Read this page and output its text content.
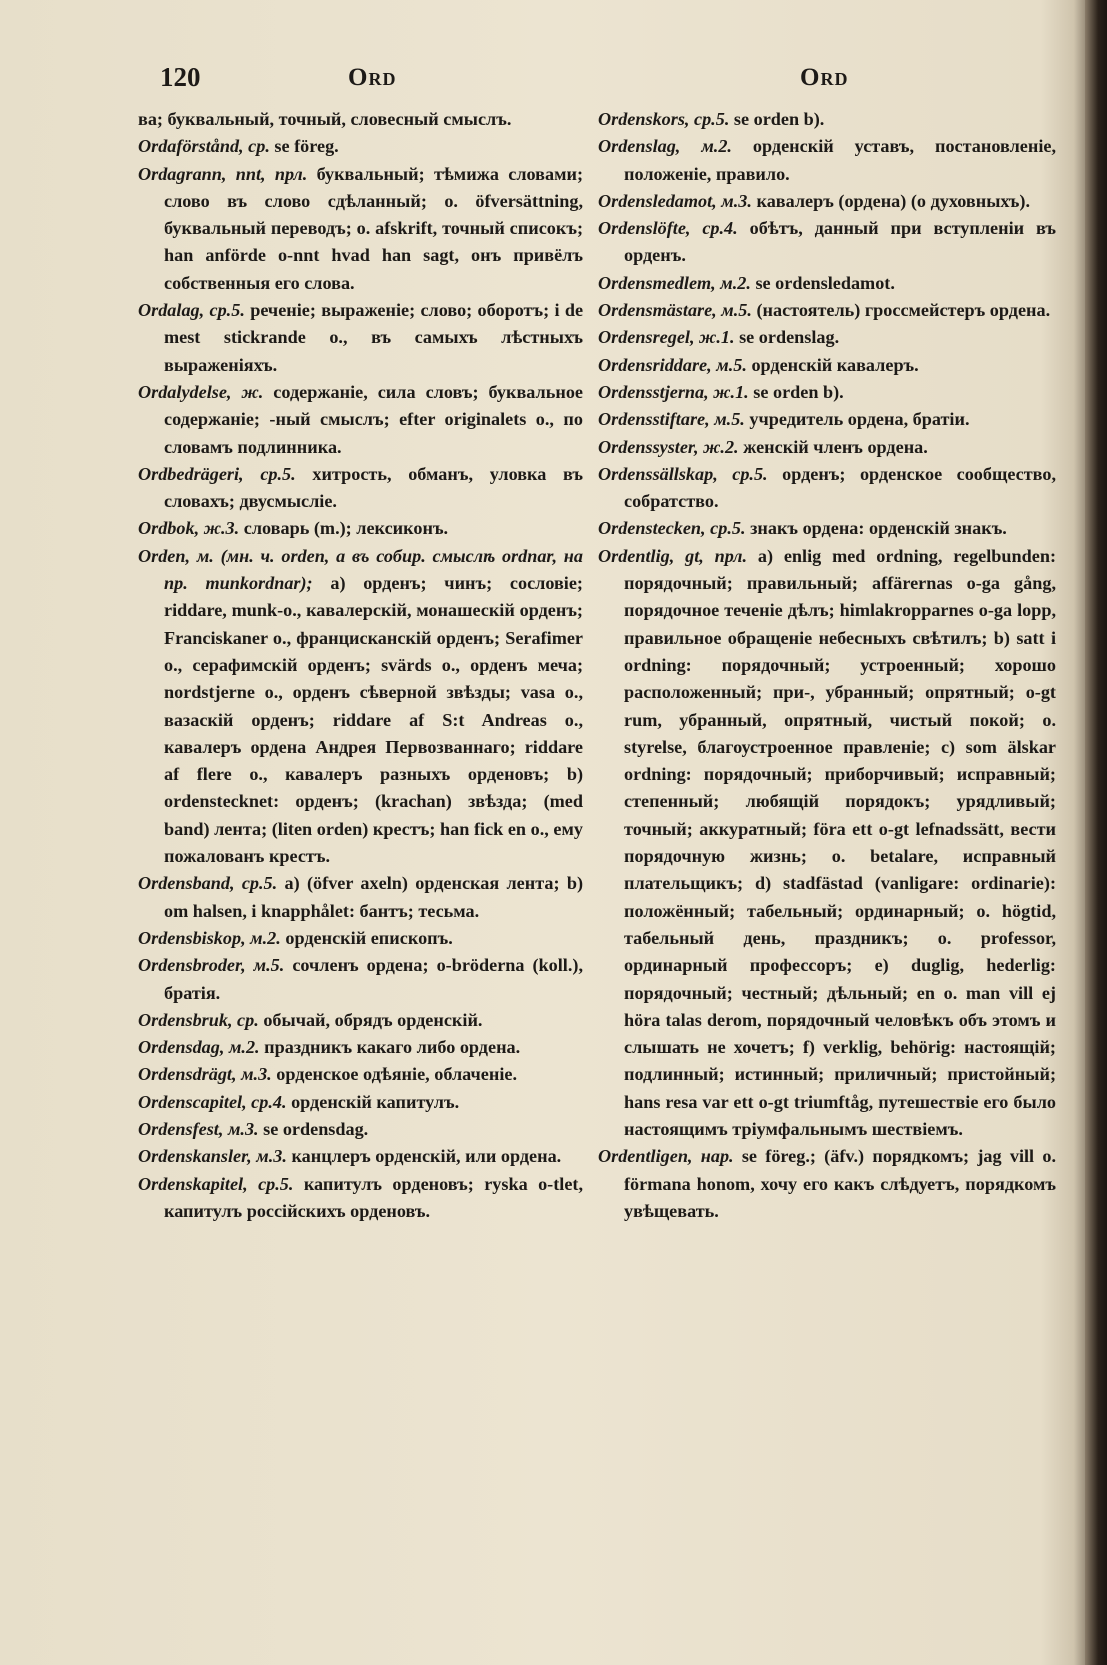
120	Ord	Ord

ва; буквальный, точный, словесный смыслъ.

Ordaförstånd, ср. se föreg.

Ordagrann, nnt, прл. буквальный; тѣмижа словами; слово въ слово сдѣланный; o. öfversättning, буквальный переводъ; o. afskrift, точный списокъ; han anförde o-nnt hvad han sagt, онъ привёлъ собственныя его слова.

Ordalag, ср.5. реченіе; выраженіе; слово; оборотъ; i de mest stickrande o., въ самыхъ лѣстныхъ выраженіяхъ.

Ordalydelse, ж. содержаніе, сила словъ; буквальное содержаніе; -ный смыслъ; efter originalets o., по словамъ подлинника.

Ordbedrägeri, ср.5. хитрость, обманъ, уловка въ словахъ; двусмысліе.

Ordbok, ж.3. словарь (m.); лексиконъ.

Orden, м. (мн. ч. orden, а въ собир. смыслѣ ordnar, на пр. munkordnar); a) орденъ; чинъ; сословіе; riddare, munk-o., кавалерскій, монашескій орденъ; Franciskaner o., францисканскій орденъ; Serafimer o., серафимскій орденъ; svärds o., орденъ меча; nordstjerne o., орденъ сѣверной звѣзды; vasa o., вазаскій орденъ; riddare af S:t Andreas o., кавалеръ ордена Андрея Первозваннаго; riddare af flere o., кавалеръ разныхъ орденовъ; b) ordenstecknet: орденъ; (krachan) звѣзда; (med band) лента; (liten orden) крестъ; han fick en o., ему пожалованъ крестъ.

Ordensband, ср.5. a) (öfver axeln) орденская лента; b) om halsen, i knapphålet: бантъ; тесьма.

Ordensbiskop, м.2. орденскій епископъ.

Ordensbroder, м.5. сочленъ ордена; o-bröderna (koll.), братія.

Ordensbruk, ср. обычай, обрядъ орденскій.

Ordensdag, м.2. праздникъ какаго либо ордена.

Ordensdrägt, м.3. орденское одѣяніе, облаченіе.

Ordenscapitel, ср.4. орденскій капитулъ.

Ordensfest, м.3. se ordensdag.

Ordenskansler, м.3. канцлеръ орденскій, или ордена.

Ordenskapitel, ср.5. капитулъ орденовъ; ryska o-tlet, капитулъ россійскихъ орденовъ.

Ordenskors, ср.5. se orden b).

Ordenslag, м.2. орденскій уставъ, постановленіе, положеніе, правило.

Ordensledamot, м.3. кавалеръ (ордена) (о духовныхъ).

Ordenslöfte, ср.4. обѣтъ, данный при вступленіи въ орденъ.

Ordensmedlem, м.2. se ordensledamot.

Ordensmästare, м.5. (настоятель) гроссмейстеръ ордена.

Ordensregel, ж.1. se ordenslag.

Ordensriddare, м.5. орденскій кавалеръ.

Ordensstjerna, ж.1. se orden b).

Ordensstiftare, м.5. учредитель ордена, братіи.

Ordenssyster, ж.2. женскій членъ ордена.

Ordenssällskap, ср.5. орденъ; орденское сообщество, собратство.

Ordenstecken, ср.5. знакъ ордена: орденскій знакъ.

Ordentlig, gt, прл. a) enlig med ordning, regelbunden: порядочный; правильный; affärernas o-ga gång, порядочное теченіе дѣлъ; himlakropparnes o-ga lopp, правильное обращеніе небесныхъ свѣтилъ; b) satt i ordning: порядочный; устроенный; хорошо расположенный; при-, убранный; опрятный; o-gt rum, убранный, опрятный, чистый покой; o. styrelse, благоустроенное правленіе; c) som älskar ordning: порядочный; приборчивый; исправный; степенный; любящій порядокъ; урядливый; точный; аккуратный; föra ett o-gt lefnadssätt, вести порядочную жизнь; o. betalare, исправный плательщикъ; d) stadfästad (vanligare: ordinarie): положённый; табельный; ординарный; o. högtid, табельный день, праздникъ; o. professor, ординарный профессоръ; e) duglig, hederlig: порядочный; честный; дѣльный; en o. man vill ej höra talas derom, порядочный человѣкъ объ этомъ и слышать не хочетъ; f) verklig, behörig: настоящій; подлинный; истинный; приличный; пристойный; hans resa var ett o-gt triumftåg, путешествіе его было настоящимъ тріумфальнымъ шествіемъ.

Ordentligen, нар. se föreg.; (äfv.) порядкомъ; jag vill o. förmana honom, хочу его какъ слѣдуетъ, порядкомъ увѣщевать.
